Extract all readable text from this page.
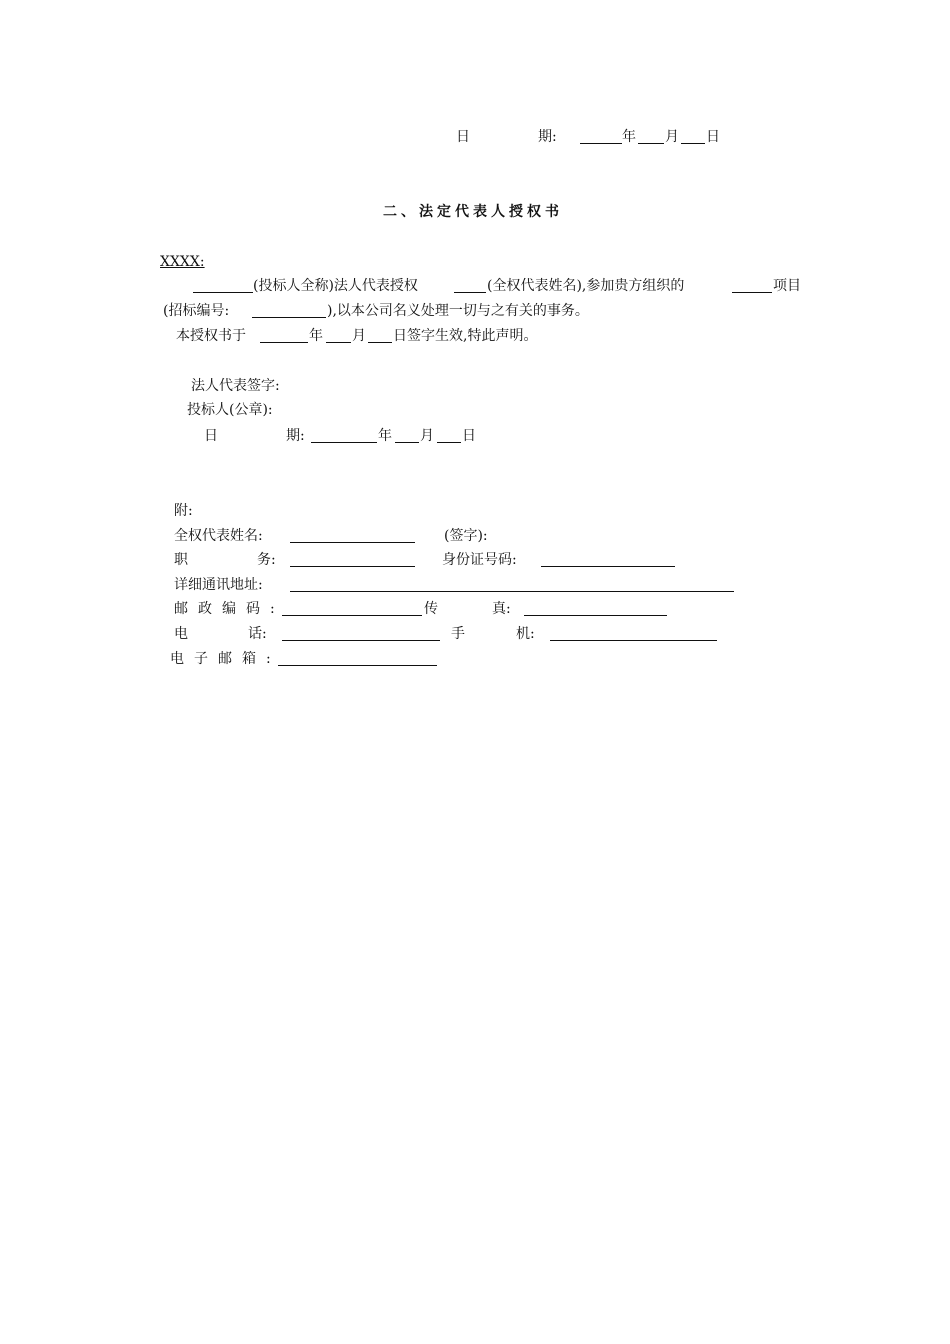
日	期:	年 月 日
二、法定代表人授权书
XXXX:
(投标人全称)法人代表授权	(全权代表姓名),参加贵方组织的	项目
(招标编号:	),以本公司名义处理一切与之有关的事务。
本授权书于	年 月 日签字生效,特此声明。
法人代表签字:
投标人(公章):
日	期:	年 月 日
附:
全权代表姓名:	(签字):
职	务:	身份证号码:
详细通讯地址:
邮政编码:	传	真:
电	话:	手	机:
电子邮箱:
